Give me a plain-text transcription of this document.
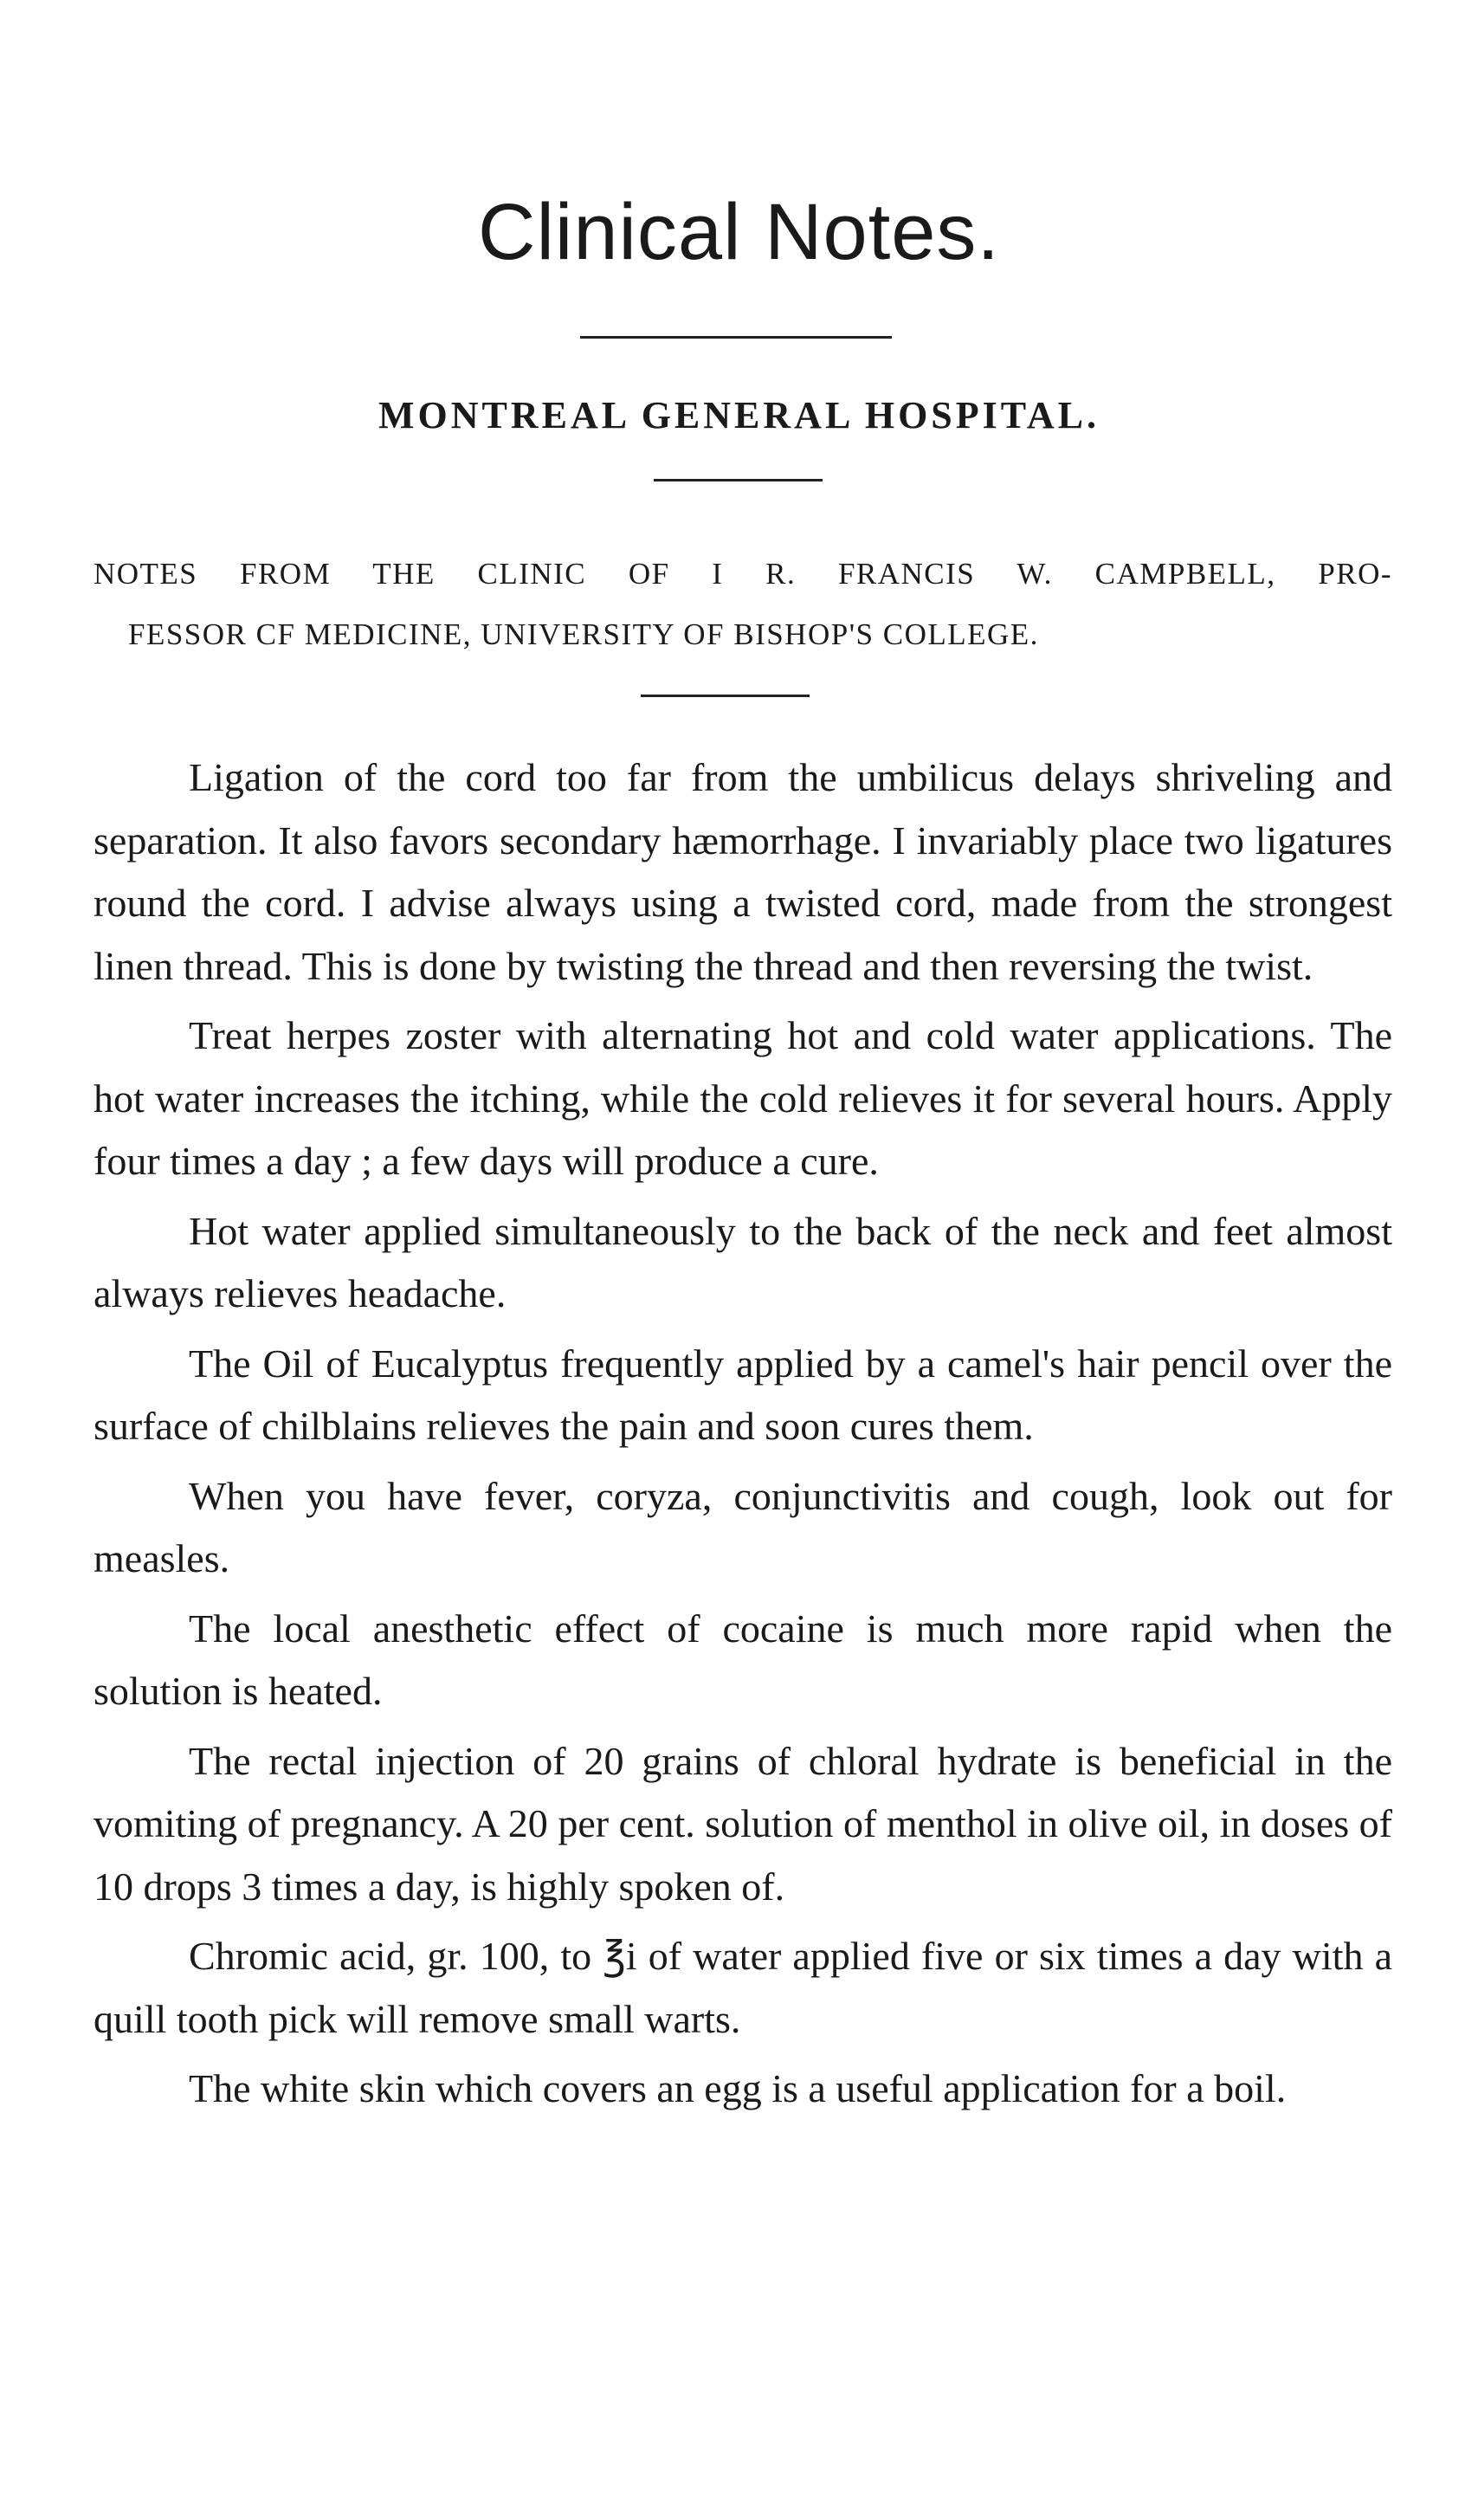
Clinical Notes.
MONTREAL GENERAL HOSPITAL.

NOTES FROM THE CLINIC OF I R. FRANCIS W. CAMPBELL, PRO-
FESSOR CF MEDICINE, UNIVERSITY OF BISHOP'S COLLEGE.

Ligation of the cord too far from the umbilicus delays shriveling and separation. It also favors secondary hæmorrhage. I invariably place two ligatures round the cord. I advise always using a twisted cord, made from the strongest linen thread. This is done by twisting the thread and then reversing the twist.

Treat herpes zoster with alternating hot and cold water applications. The hot water increases the itching, while the cold relieves it for several hours. Apply four times a day ; a few days will produce a cure.

Hot water applied simultaneously to the back of the neck and feet almost always relieves headache.

The Oil of Eucalyptus frequently applied by a camel's hair pencil over the surface of chilblains relieves the pain and soon cures them.

When you have fever, coryza, conjunctivitis and cough, look out for measles.

The local anesthetic effect of cocaine is much more rapid when the solution is heated.

The rectal injection of 20 grains of chloral hydrate is beneficial in the vomiting of pregnancy. A 20 per cent. solution of menthol in olive oil, in doses of 10 drops 3 times a day, is highly spoken of.

Chromic acid, gr. 100, to ℥i of water applied five or six times a day with a quill tooth pick will remove small warts.

The white skin which covers an egg is a useful application for a boil.
